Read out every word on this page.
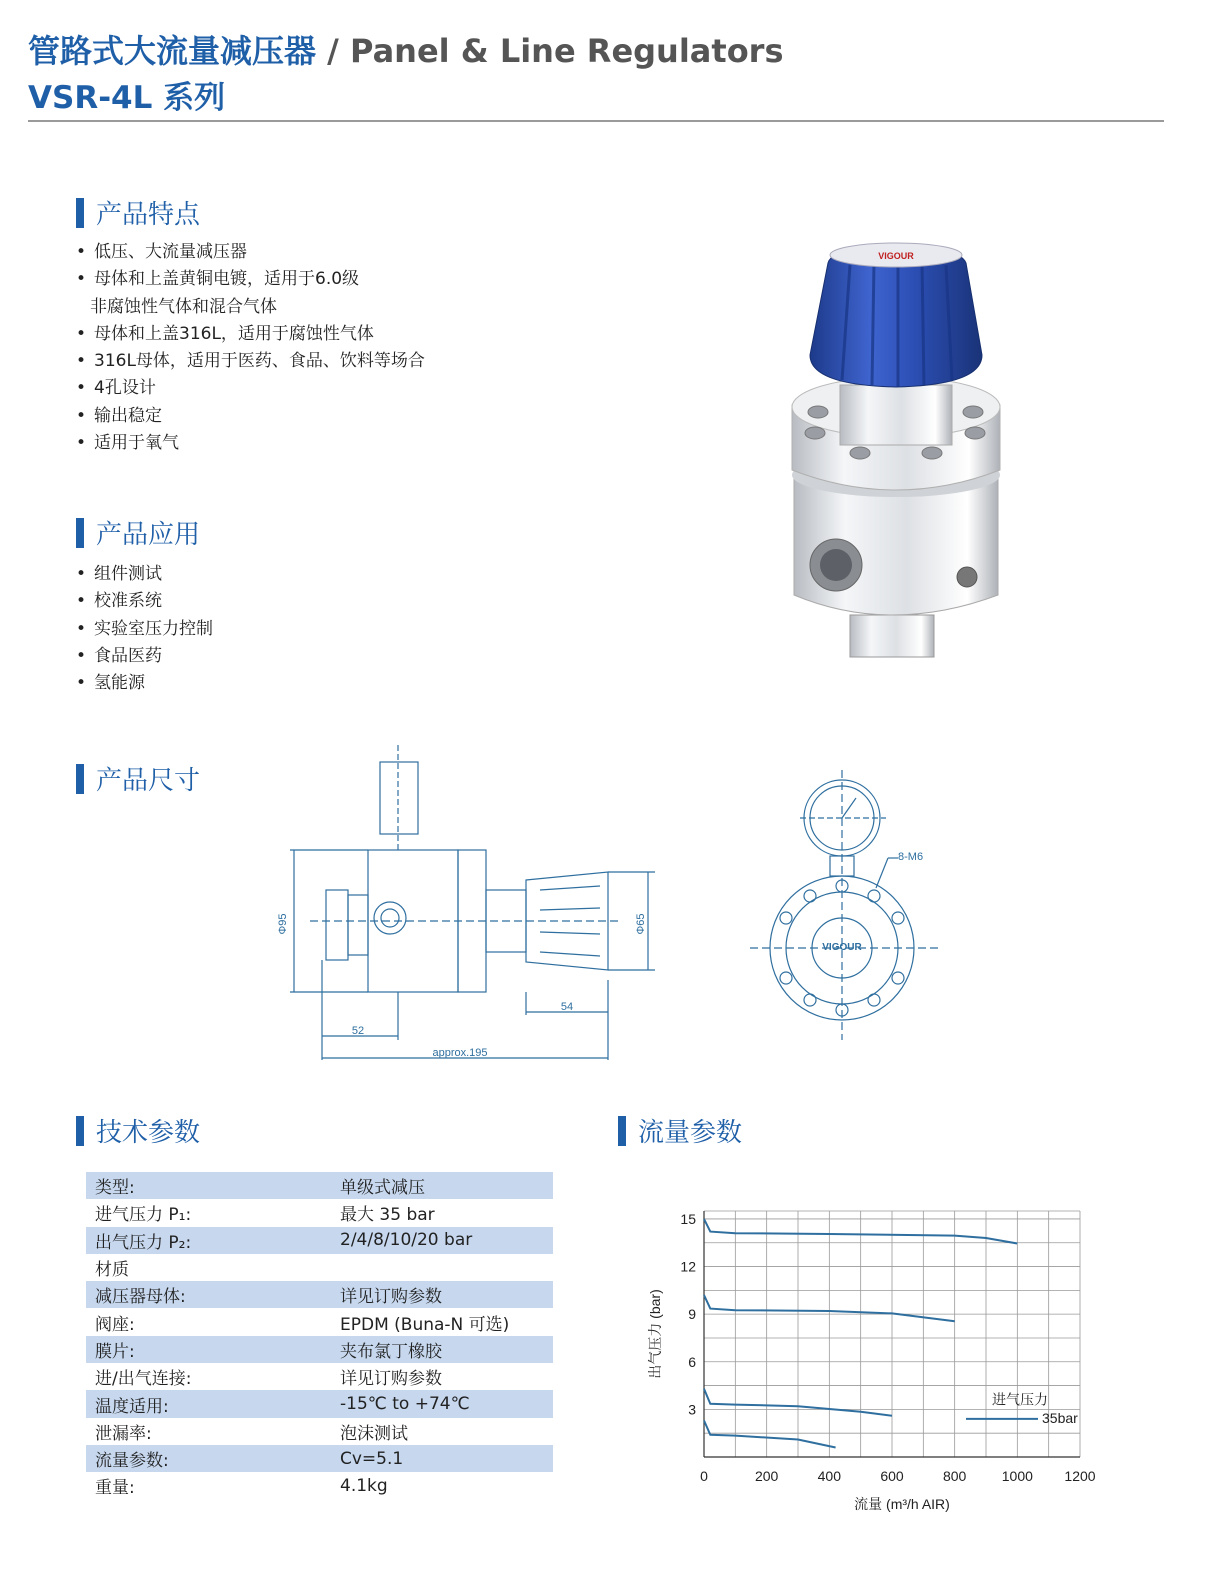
管路式大流量减压器 / Panel & Line Regulators
VSR-4L 系列
产品特点
• 低压、大流量减压器
• 母体和上盖黄铜电镀，适用于6.0级
非腐蚀性气体和混合气体
• 母体和上盖316L，适用于腐蚀性气体
• 316L母体，适用于医药、食品、饮料等场合
• 4孔设计
• 输出稳定
• 适用于氧气
产品应用
• 组件测试
• 校准系统
• 实验室压力控制
• 食品医药
• 氢能源
VIGOUR
产品尺寸
Φ95	Φ65
54
52
approx.195
8-M6
VIGOUR
技术参数
类型:	单级式减压
进气压力 P₁:	最大 35 bar
出气压力 P₂:	2/4/8/10/20 bar
材质	
减压器母体:	详见订购参数
阀座:	EPDM (Buna-N 可选)
膜片:	夹布氯丁橡胶
进/出气连接:	详见订购参数
温度适用:	-15℃ to +74℃
泄漏率:	泡沫测试
流量参数:	Cv=5.1
重量:	4.1kg
流量参数
0	200	400	600	800	1000 1200
3
6
9
12
15
流量 (m³/h AIR)
出气压力 (bar)
进气压力
35bar
